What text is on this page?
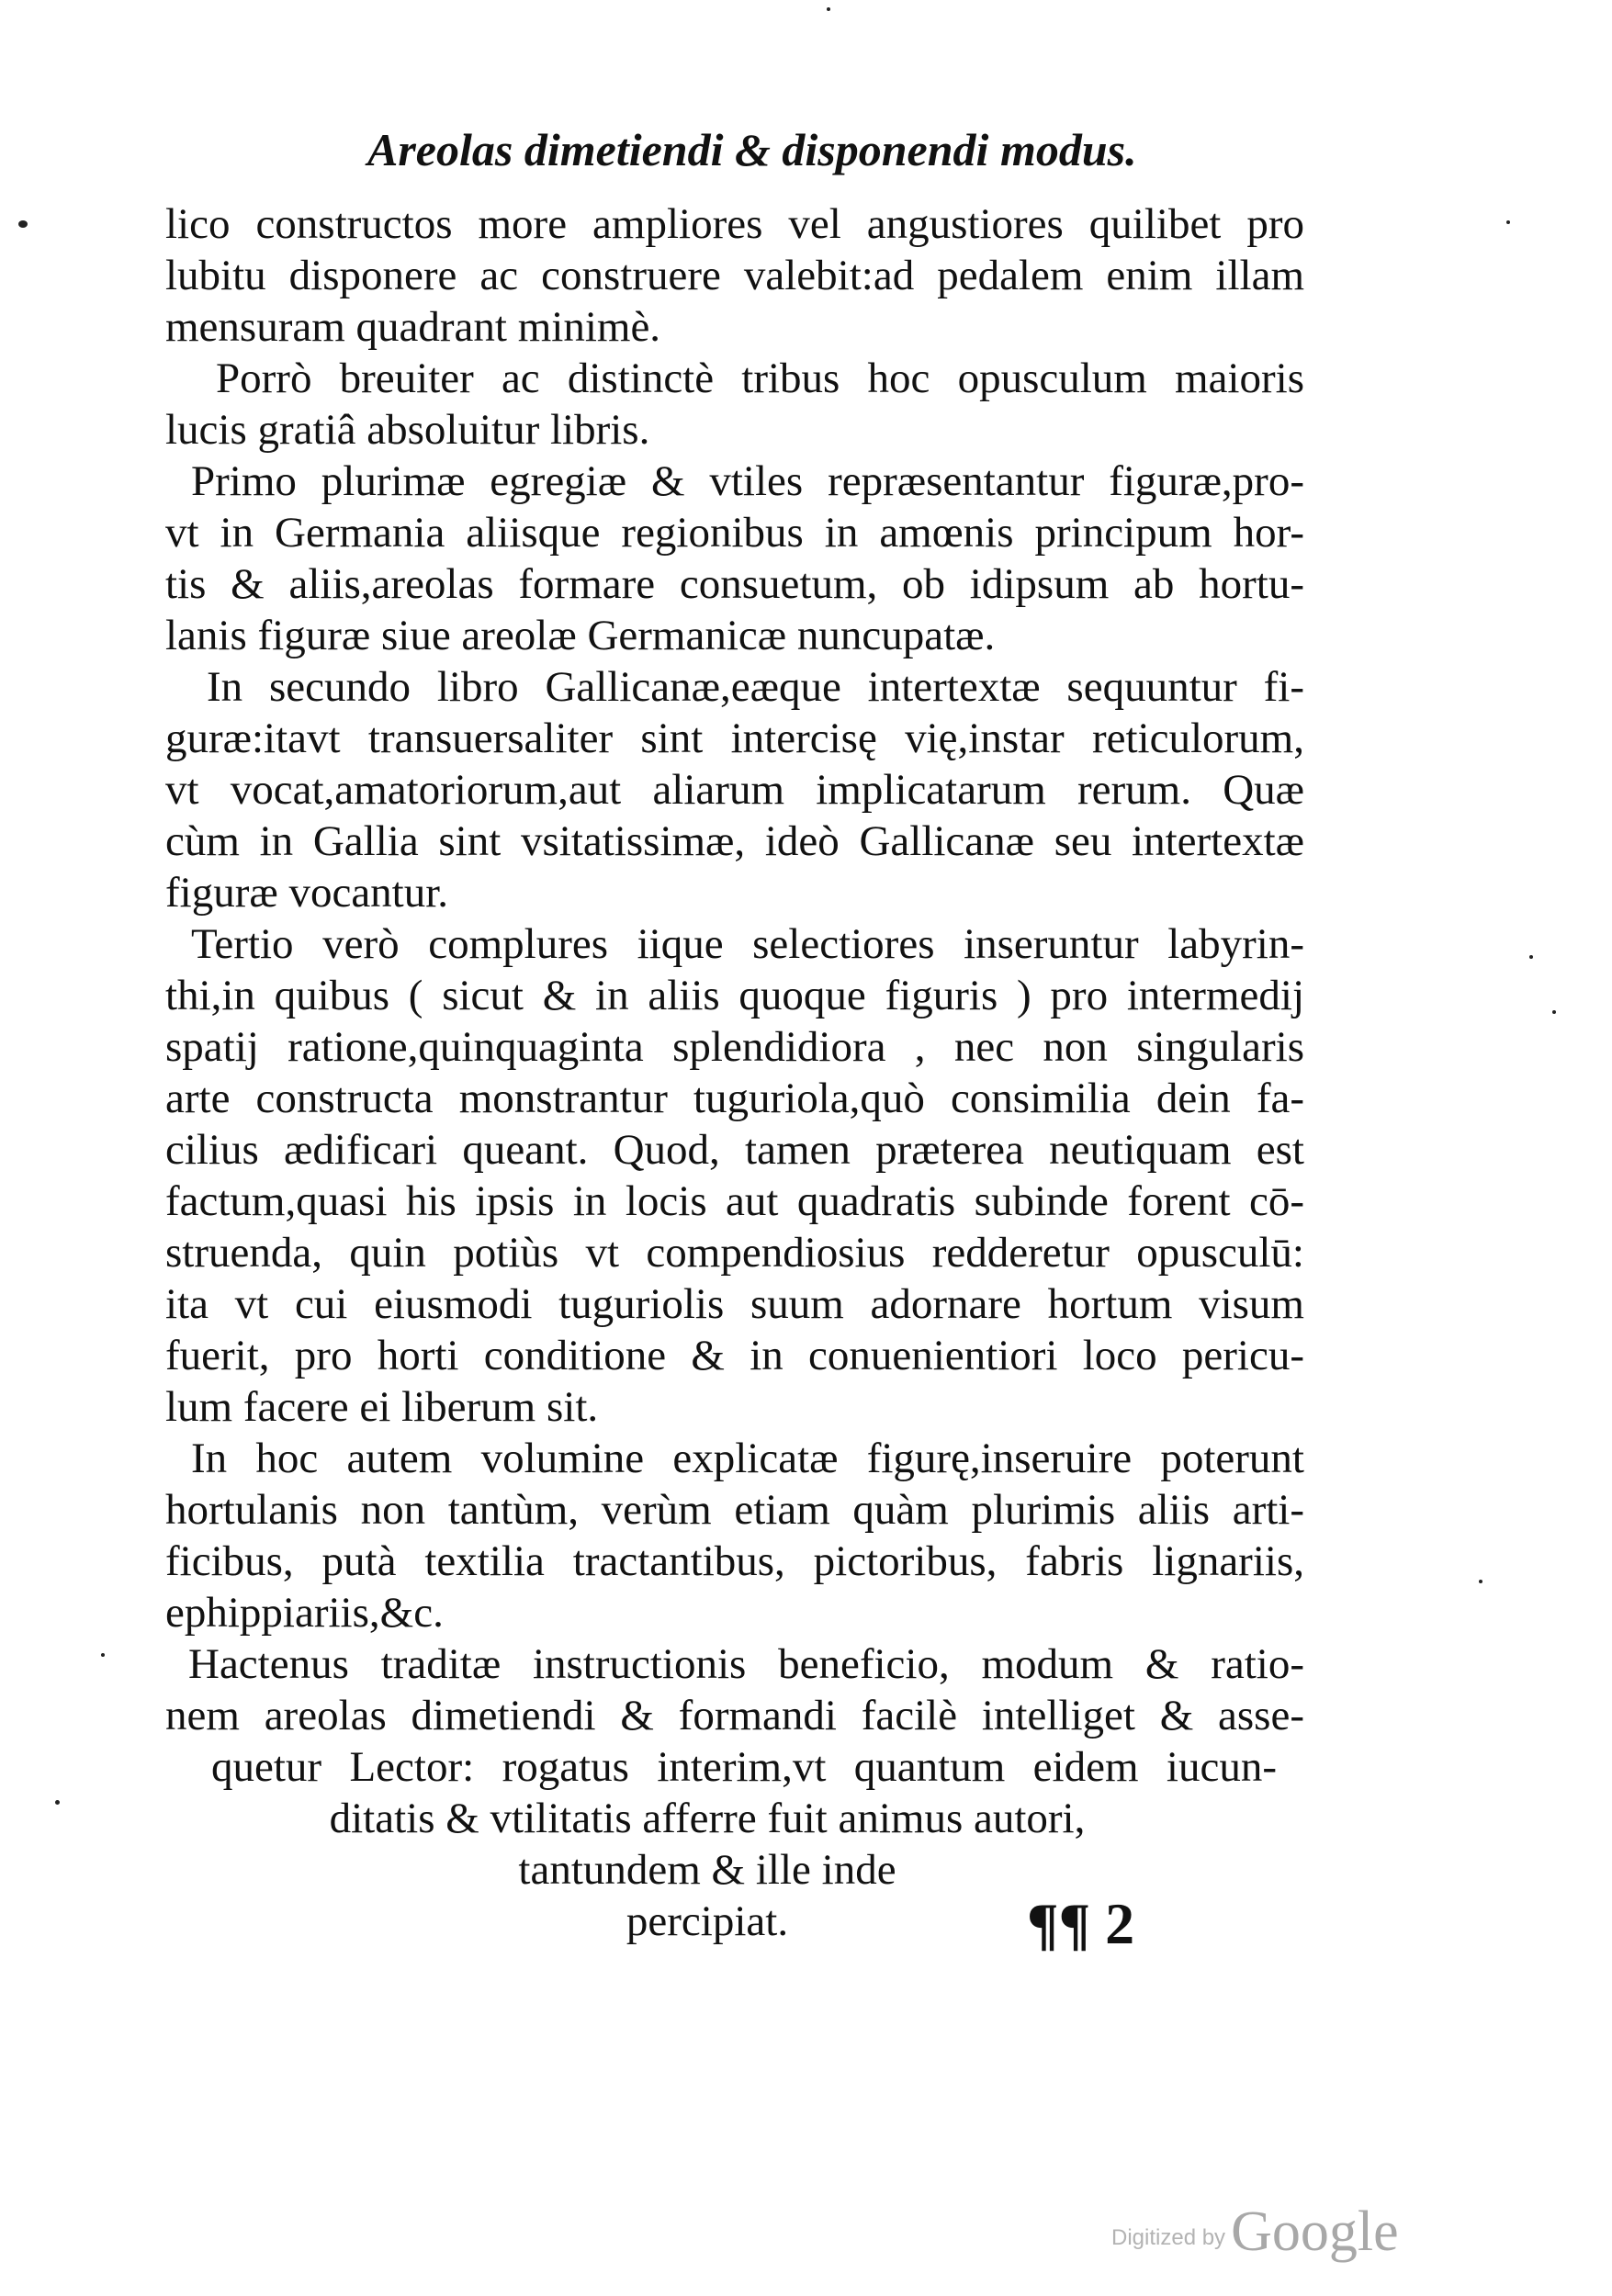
Areolas dimetiendi & disponendi modus.
lico constructos more ampliores vel angustiores quilibet pro
lubitu disponere ac construere valebit:ad pedalem enim illam
mensuram quadrant minimè.
Porrò breuiter ac distinctè tribus hoc opusculum maioris
lucis gratiâ absoluitur libris.
Primo plurimæ egregiæ & vtiles repræsentantur figuræ,pro-
vt in Germania aliisque regionibus in amœnis principum hor-
tis & aliis,areolas formare consuetum, ob idipsum ab hortu-
lanis figuræ siue areolæ Germanicæ nuncupatæ.
In secundo libro Gallicanæ,eæque intertextæ sequuntur fi-
guræ:itavt transuersaliter sint intercisę vię,instar reticulorum,
vt vocat,amatoriorum,aut aliarum implicatarum rerum. Quæ
cùm in Gallia sint vsitatissimæ, ideò Gallicanæ seu intertextæ
figuræ vocantur.
Tertio verò complures iique selectiores inseruntur labyrin-
thi,in quibus ( sicut & in aliis quoque figuris ) pro intermedij
spatij ratione,quinquaginta splendidiora , nec non singularis
arte constructa monstrantur tuguriola,quò consimilia dein fa-
cilius ædificari queant. Quod, tamen præterea neutiquam est
factum,quasi his ipsis in locis aut quadratis subinde forent cō-
struenda, quin potiùs vt compendiosius redderetur opusculū:
ita vt cui eiusmodi tuguriolis suum adornare hortum visum
fuerit, pro horti conditione & in conuenientiori loco pericu-
lum facere ei liberum sit.
In hoc autem volumine explicatæ figurę,inseruire poterunt
hortulanis non tantùm, verùm etiam quàm plurimis aliis arti-
ficibus, putà textilia tractantibus, pictoribus, fabris lignariis,
ephippiariis,&c.
Hactenus traditæ instructionis beneficio, modum & ratio-
nem areolas dimetiendi & formandi facilè intelliget & asse-
quetur Lector: rogatus interim,vt quantum eidem iucun-
ditatis & vtilitatis afferre fuit animus autori,
tantundem & ille inde
percipiat.	¶¶ 2
Digitized byGoogle
